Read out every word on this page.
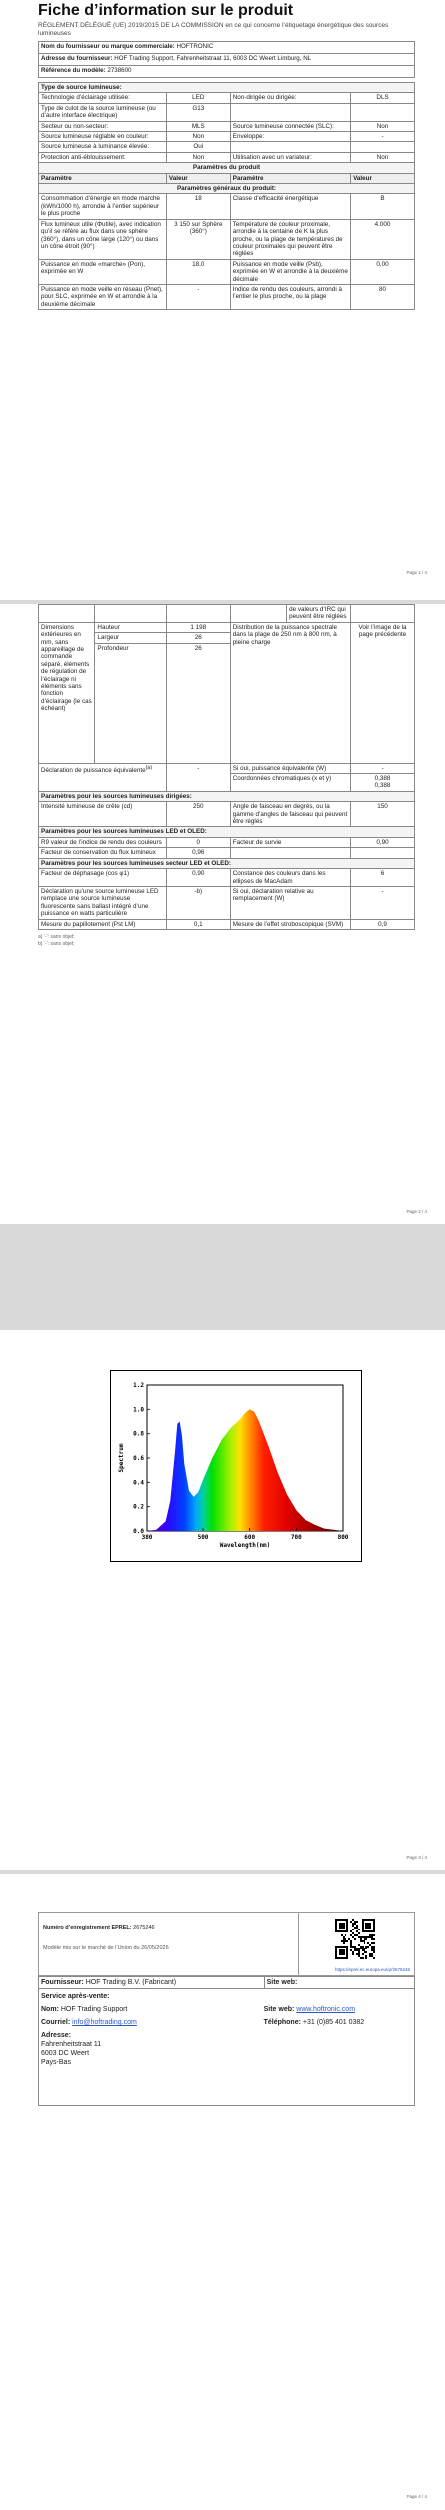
Fiche d’information sur le produit
RÈGLEMENT DÉLÉGUÉ (UE) 2019/2015 DE LA COMMISSION en ce qui concerne l’étiquetage énergétique des sources lumineuses
Nom du fournisseur ou marque commerciale: HOFTRONIC
Adresse du fournisseur: HOF Trading Support, Fahrenheitstraat 11, 6003 DC Weert Limburg, NL
Référence du modèle: 2738600
Type de source lumineuse:			
Technologie d’éclairage utilisée:	LED	Non-dirigée ou dirigée:	DLS
Type de culot de la source lumineuse (ou d’autre interface électrique)	G13		
Secteur ou non-secteur:	MLS	Source lumineuse connectée (SLC):	Non
Source lumineuse réglable en couleur:	Non	Enveloppe:	-
Source lumineuse à luminance élevée:	Oui		
Protection anti-éblouissement:	Non	Utilisation avec un variateur:	Non
Paramètres du produit			
Paramètre	Valeur	Paramètre	Valeur
Paramètres généraux du produit:			
Consommation d’énergie en mode marche (kWh/1000 h), arrondie à l’entier supérieur le plus proche	18	Classe d’efficacité énergétique	B
Flux lumineux utile (Φutile), avec indication qu’il se réfère au flux dans une sphère (360°), dans un cône large (120°) ou dans un cône étroit (90°)	3 150 sur Sphère (360°)	Température de couleur proximale, arrondie à la centaine de K la plus proche, ou la plage de températures de couleur proximales qui peuvent être réglées	4.000
Puissance en mode «marche» (Pon), exprimée en W	18,0	Puissance en mode veille (Psb), exprimée en W et arrondie à la deuxième décimale	0,00
Puissance en mode veille en réseau (Pnet), pour SLC, exprimée en W et arrondie à la deuxième décimale	-	Indice de rendu des couleurs, arrondi à l’entier le plus proche, ou la plage	80
Page 1 / 4
				de valeurs d’IRC qui peuvent être réglées	
Dimensions extérieures en mm, sans appareillage de commande séparé, éléments de régulation de l’éclairage ni éléments sans fonction d’éclairage (le cas échéant)	Hauteur	1 198	Distribution de la puissance spectrale dans la plage de 250 nm à 800 nm, à pleine charge		Voir l’image de la page précédente
	Largeur	26			
	Profondeur	26			
Déclaration de puissance équivalente$^{(a)}$		-	Si oui, puissance équivalente (W)		-
			Coordonnées chromatiques (x et y)		0,388
0,388
Paramètres pour les sources lumineuses dirigées:					
Intensité lumineuse de crête (cd)		250	Angle de faisceau en degrés, ou la gamme d’angles de faisceau qui peuvent être réglés		150
Paramètres pour les sources lumineuses LED et OLED:					
R9 valeur de l’indice de rendu des couleurs		0	Facteur de survie		0,90
Facteur de conservation du flux lumineux		0,96			
Paramètres pour les sources lumineuses secteur LED et OLED:					
Facteur de déphasage (cos φ1)		0,90	Constance des couleurs dans les ellipses de MacAdam		6
Déclaration qu’une source lumineuse LED remplace une source lumineuse fluorescente sans ballast intégré d’une puissance en watts particulière		-b)	Si oui, déclaration relative au remplacement (W)		-
Mesure du papillotement (Pst LM)		0,1	Mesure de l’effet stroboscopique (SVM)		0,9
a) ‘-’: sans objet;
b) ‘-’: sans objet;
Page 2 / 4
0.0
0.2
0.4
0.6
0.8
1.0
1.2
380	500	600	700	800
Wavelength(nm)
Spectrum
Page 3 / 4
Numéro d’enregistrement EPREL: 2675246
Modèle mis sur le marché de l’Union du 26/05/2026
https://eprel.ec.europa.eu/qr/2675246
Fournisseur: HOF Trading B.V. (Fabricant)	Site web:

Service après-vente:
Nom: HOF Trading Support
Courriel: info@hoftrading.com
Adresse:
Fahrenheitstraat 11
6003 DC Weert
Pays-Bas
Site web: www.hoftronic.com
Téléphone: +31 (0)85 401 0382
Page 4 / 4
